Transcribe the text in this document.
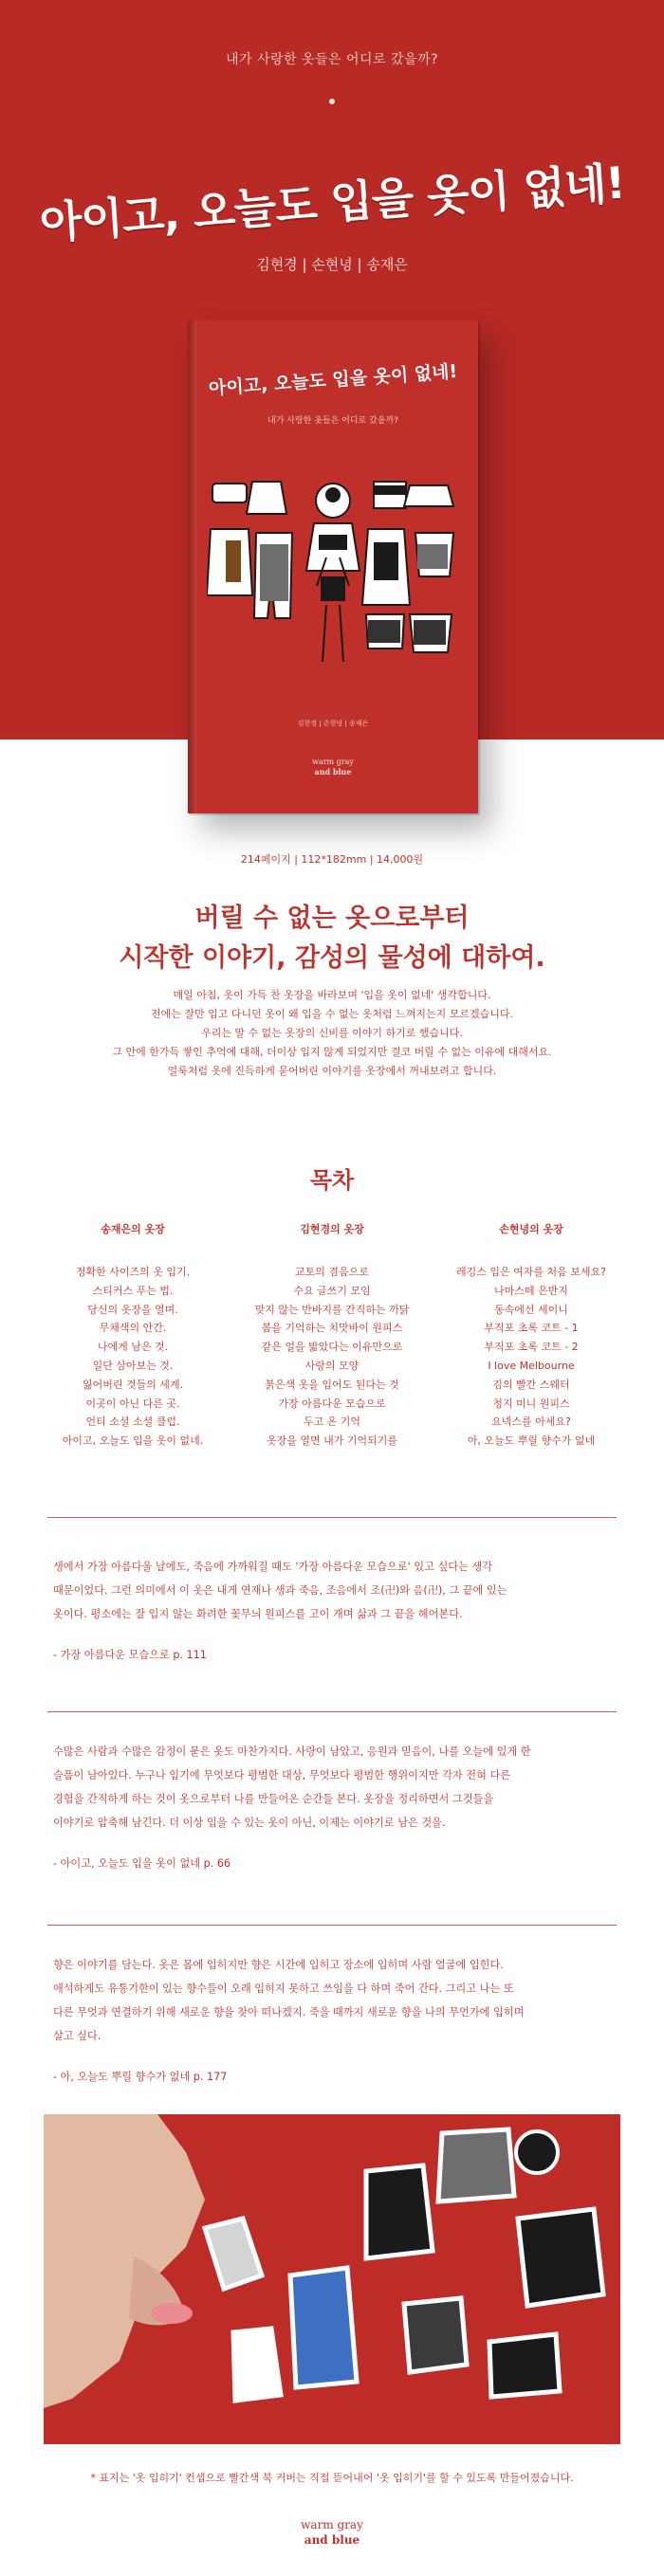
내가 사랑한 옷들은 어디로 갔을까?
아이고, 오늘도 입을 옷이 없네!
김현경 | 손현녕 | 송재은
아이고, 오늘도 입을 옷이 없네!
내가 사랑한 옷들은 어디로 갔을까?
김현경 | 손현녕 | 송재은
warm gray
and blue
214페이지 | 112*182mm | 14,000원
버릴 수 없는 옷으로부터
시작한 이야기, 감성의 물성에 대하여.
매일 아침, 옷이 가득 찬 옷장을 바라보며 '입을 옷이 없네' 생각합니다.
전에는 잘만 입고 다니던 옷이 왜 입을 수 없는 옷처럼 느껴지는지 모르겠습니다.
우리는 말 수 없는 옷장의 신비를 이야기 하기로 했습니다.
그 안에 한가득 쌓인 추억에 대해, 더이상 입지 않게 되었지만 결코 버릴 수 없는 이유에 대해서요.
얼룩처럼 옷에 진득하게 묻어버린 이야기를 옷장에서 꺼내보려고 합니다.
목차
송재은의 옷장
정확한 사이즈의 옷 입기.
스티커스 푸는 법.
당신의 옷장을 열며.
무채색의 안간.
나에게 남은 것.
일단 삼아보는 것.
잃어버린 것들의 세계.
이곳이 아닌 다른 곳.
언티 소셜 소셜 클럽.
아이고, 오늘도 입을 옷이 없네.
김현경의 옷장
교토의 겸음으로
수요 글쓰기 모임
맞지 않는 반바지를 간직하는 까닭
봄을 기억하는 치맛바이 원피스
같은 얼을 밟았다는 이유만으로
사랑의 모양
붉은색 옷을 입어도 된다는 것
가장 아름다운 모습으로
두고 온 기억
옷장을 열면 내가 기억되기를
손현녕의 옷장
레깅스 입은 여자를 처음 보세요?
나마스떼 은반지
동속에선 세이니
부직포 초록 코트 - 1
부직포 초록 코트 - 2
I love Melbourne
김의 빨간 스웨터
청지 미니 원피스
요넥스를 아세요?
아, 오늘도 뿌릴 향수가 없네
생에서 가장 아름다울 날에도, 죽음에 가까워질 때도 '가장 아름다운 모습으로' 있고 싶다는 생각
때문이었다. 그런 의미에서 이 옷은 내게 연재나 생과 죽음, 조음에서 조(卍)와 음(卍), 그 끝에 있는
옷이다. 평소에는 잘 입지 않는 화려한 꽃무늬 원피스를 고이 개며 삶과 그 끝을 헤어본다.
- 가장 아름다운 모습으로 p. 111
수많은 사람과 수많은 감정이 묻은 옷도 마찬가지다. 사랑이 남았고, 응원과 믿음이, 나를 오늘에 있게 한
슬픔이 남아있다. 누구나 입기에 무엇보다 평범한 대상, 무엇보다 평범한 행위이지만 각자 전혀 다른
경험을 간직하게 하는 것이 옷으로부터 나를 만들어온 순간들 본다. 옷장을 정리하면서 그것들을
이야기로 압축해 남긴다. 더 이상 입을 수 있는 옷이 아닌, 이제는 이야기로 남은 것을.
- 아이고, 오늘도 입을 옷이 없네 p. 66
향은 이야기를 담는다. 옷은 몸에 입히지만 향은 시간에 입히고 장소에 입히며 사람 얼굴에 입힌다.
애석하게도 유통기한이 있는 향수들이 오래 입히지 못하고 쓰임을 다 하며 죽어 간다. 그리고 나는 또
다른 무엇과 연결하기 위해 새로운 향을 찾아 떠나겠지. 죽을 때까지 새로운 향을 나의 무언가에 입히며
살고 싶다.
- 아, 오늘도 뿌릴 향수가 없네 p. 177
* 표지는 '옷 입히기' 컨셉으로 빨간색 북 커버는 직접 뜯어내어 '옷 입히기'를 할 수 있도록 만들어졌습니다.
warm gray
and blue
